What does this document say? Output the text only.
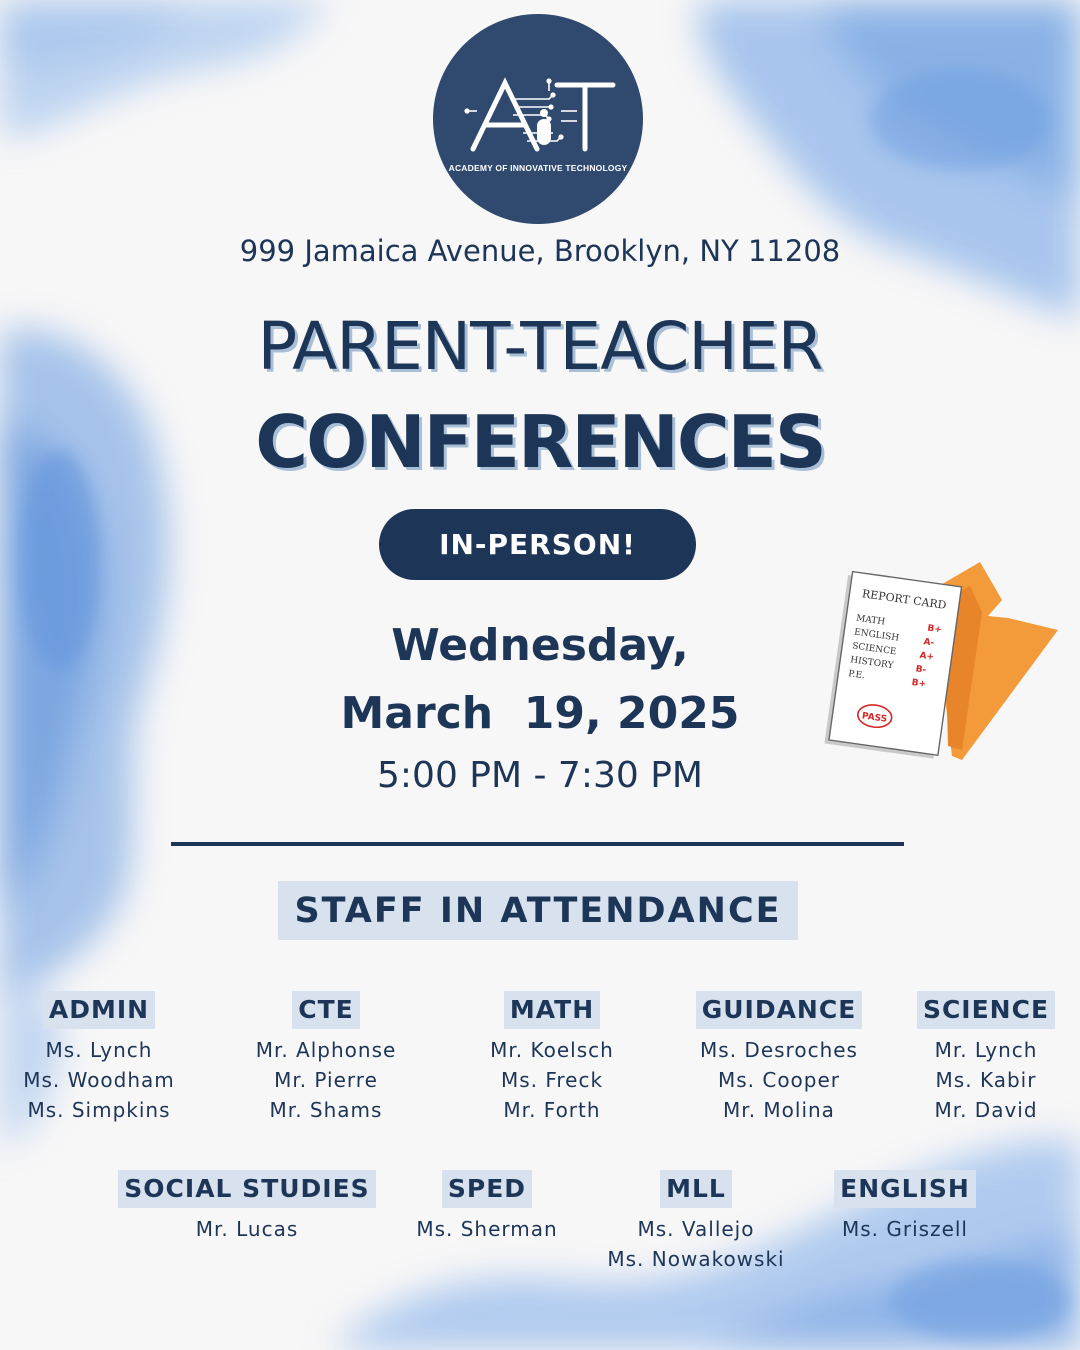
ACADEMY OF INNOVATIVE TECHNOLOGY
999 Jamaica Avenue, Brooklyn, NY 11208
PARENT-TEACHER
CONFERENCES
IN-PERSON!
Wednesday,
March  19, 2025
5:00 PM - 7:30 PM
REPORT CARD
MATH
ENGLISH
SCIENCE
HISTORY
P.E.
B+
A-
A+
B-
B+
PASS
STAFF IN ATTENDANCE
ADMIN
Ms. Lynch
Ms. Woodham
Ms. Simpkins
CTE
Mr. Alphonse
Mr. Pierre
Mr. Shams
MATH
Mr. Koelsch
Ms. Freck
Mr. Forth
GUIDANCE
Ms. Desroches
Ms. Cooper
Mr. Molina
SCIENCE
Mr. Lynch
Ms. Kabir
Mr. David
SOCIAL STUDIES
Mr. Lucas
SPED
Ms. Sherman
MLL
Ms. Vallejo
Ms. Nowakowski
ENGLISH
Ms. Griszell
